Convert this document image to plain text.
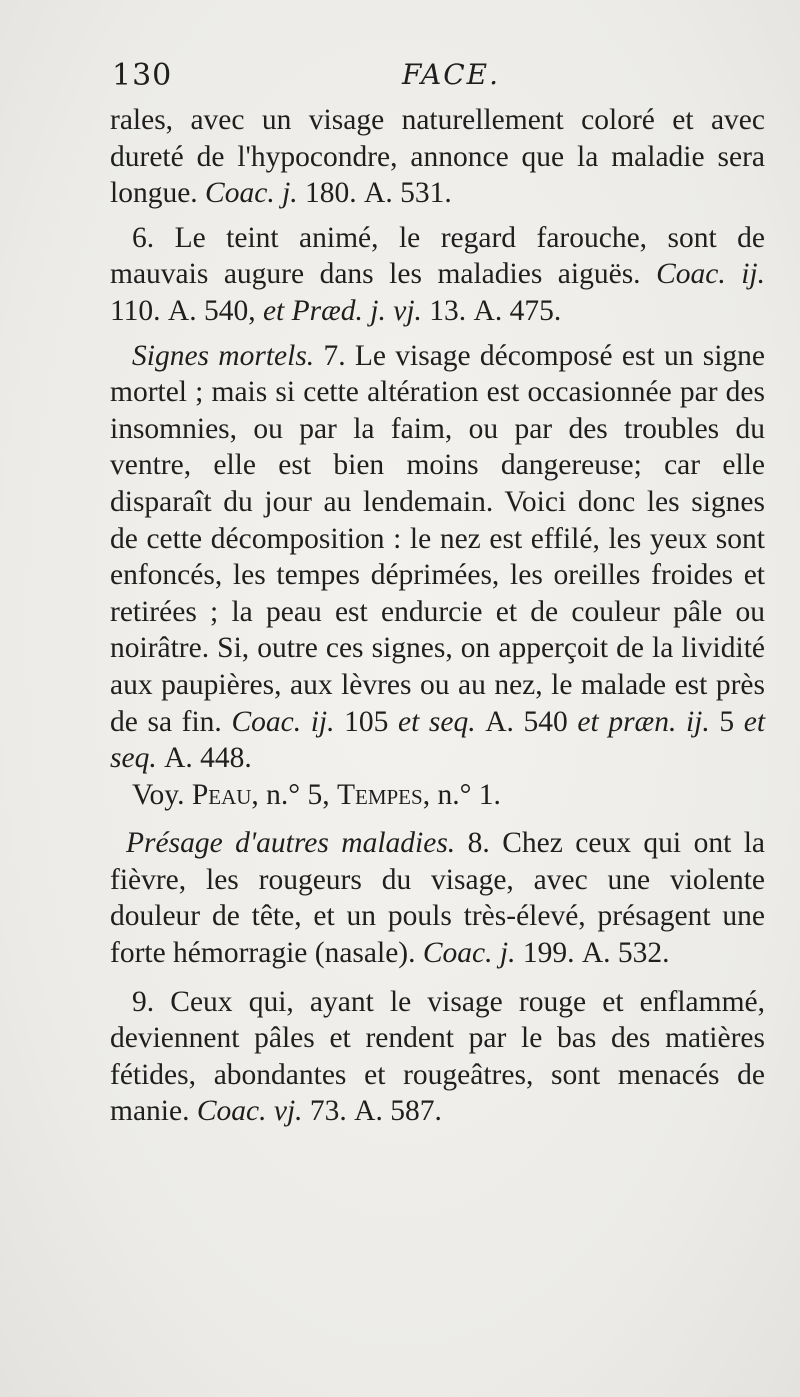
130	FACE.

rales, avec un visage naturellement coloré et avec dureté de l'hypocondre, annonce que la maladie sera longue. Coac. j. 180. A. 531.

6. Le teint animé, le regard farouche, sont de mauvais augure dans les maladies aiguës. Coac. ij. 110. A. 540, et Præd. j. vj. 13. A. 475.

Signes mortels. 7. Le visage décomposé est un signe mortel ; mais si cette altération est occasionnée par des insomnies, ou par la faim, ou par des troubles du ventre, elle est bien moins dangereuse; car elle disparaît du jour au lendemain. Voici donc les signes de cette décomposition : le nez est effilé, les yeux sont enfoncés, les tempes déprimées, les oreilles froides et retirées ; la peau est endurcie et de couleur pâle ou noirâtre. Si, outre ces signes, on apperçoit de la lividité aux paupières, aux lèvres ou au nez, le malade est près de sa fin. Coac. ij. 105 et seq. A. 540 et præn. ij. 5 et seq. A. 448.

Voy. Peau, n.° 5, Tempes, n.° 1.

Présage d'autres maladies. 8. Chez ceux qui ont la fièvre, les rougeurs du visage, avec une violente douleur de tête, et un pouls très-élevé, présagent une forte hémorragie (nasale). Coac. j. 199. A. 532.

9. Ceux qui, ayant le visage rouge et enflammé, deviennent pâles et rendent par le bas des matières fétides, abondantes et rougeâtres, sont menacés de manie. Coac. vj. 73. A. 587.
